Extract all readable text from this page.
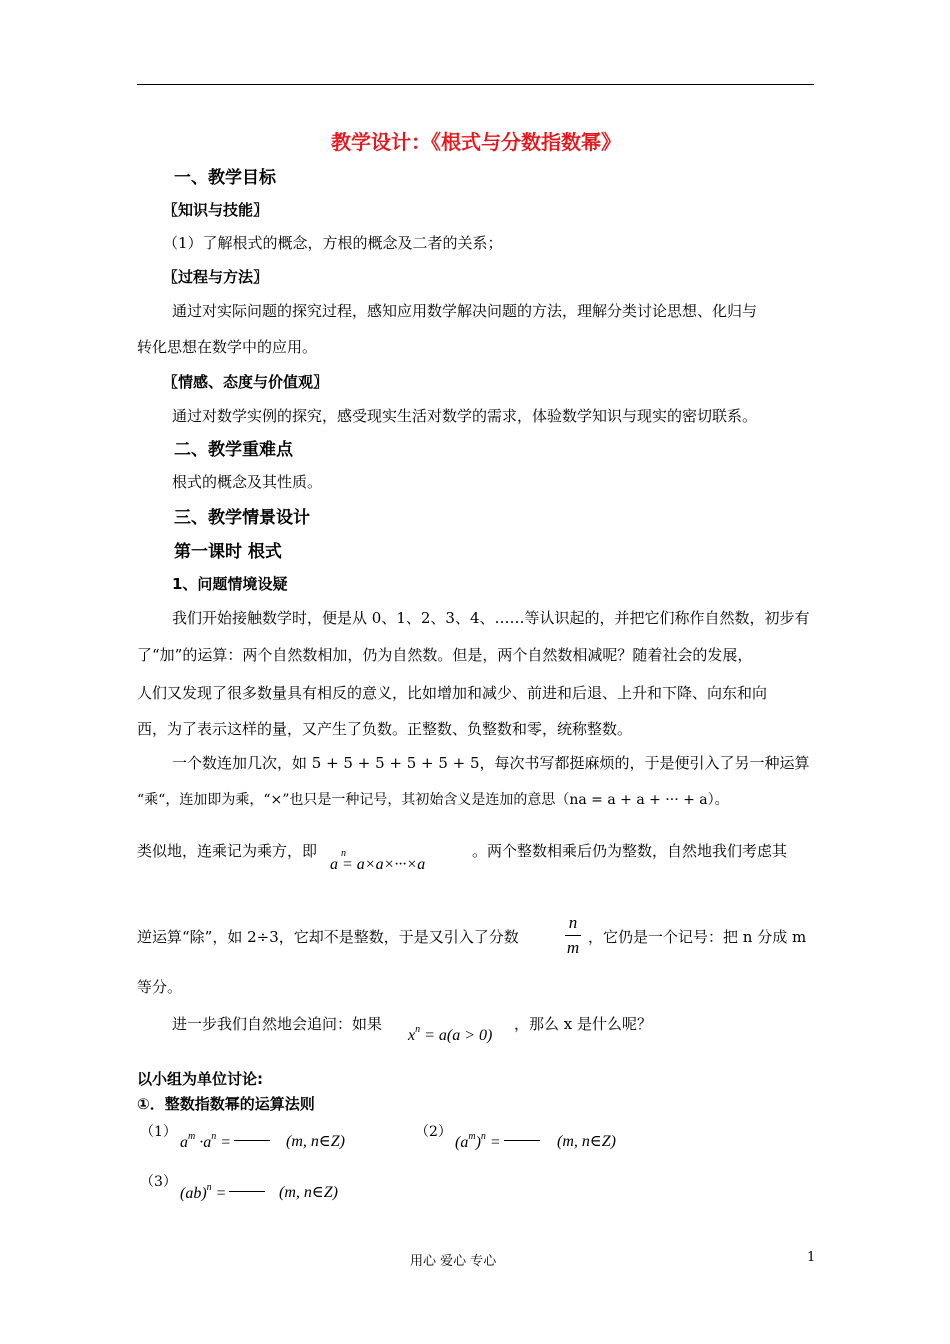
教学设计：《根式与分数指数幂》
一、教学目标
〖知识与技能〗
（1）了解根式的概念，方根的概念及二者的关系；
〖过程与方法〗
通过对实际问题的探究过程，感知应用数学解决问题的方法，理解分类讨论思想、化归与
转化思想在数学中的应用。
〖情感、态度与价值观〗
通过对数学实例的探究，感受现实生活对数学的需求，体验数学知识与现实的密切联系。
二、教学重难点
根式的概念及其性质。
三、教学情景设计
第一课时 根式
1、问题情境设疑
我们开始接触数学时，便是从 0、1、2、3、4、……等认识起的，并把它们称作自然数，初步有
了“加”的运算：两个自然数相加，仍为自然数。但是，两个自然数相减呢？随着社会的发展，
人们又发现了很多数量具有相反的意义，比如增加和减少、前进和后退、上升和下降、向东和向
西，为了表示这样的量，又产生了负数。正整数、负整数和零，统称整数。
一个数连加几次，如 5 + 5 + 5 + 5 + 5 + 5，每次书写都挺麻烦的，于是便引入了另一种运算
“乘“，连加即为乘，“×”也只是一种记号，其初始含义是连加的意思（na = a + a + ··· + a）。
类似地，连乘记为乘方，即
a = a×a×···×a
n	。两个整数相乘后仍为整数，自然地我们考虑其
逆运算“除”，如 2÷3，它却不是整数，于是又引入了分数
n
m
，它仍是一个记号：把 n 分成 m
等分。
进一步我们自然地会追问：如果
$x^n = a(a > 0)$
，那么 x 是什么呢？
以小组为单位讨论:
①．整数指数幂的运算法则
（1）
$a^m \cdot a^n$ =	(m, n∈Z)
（2）
$(a^m)^n$ =	(m, n∈Z)
（3）
(ab)$^n$ =	(m, n∈Z)
用心 爱心 专心	1
